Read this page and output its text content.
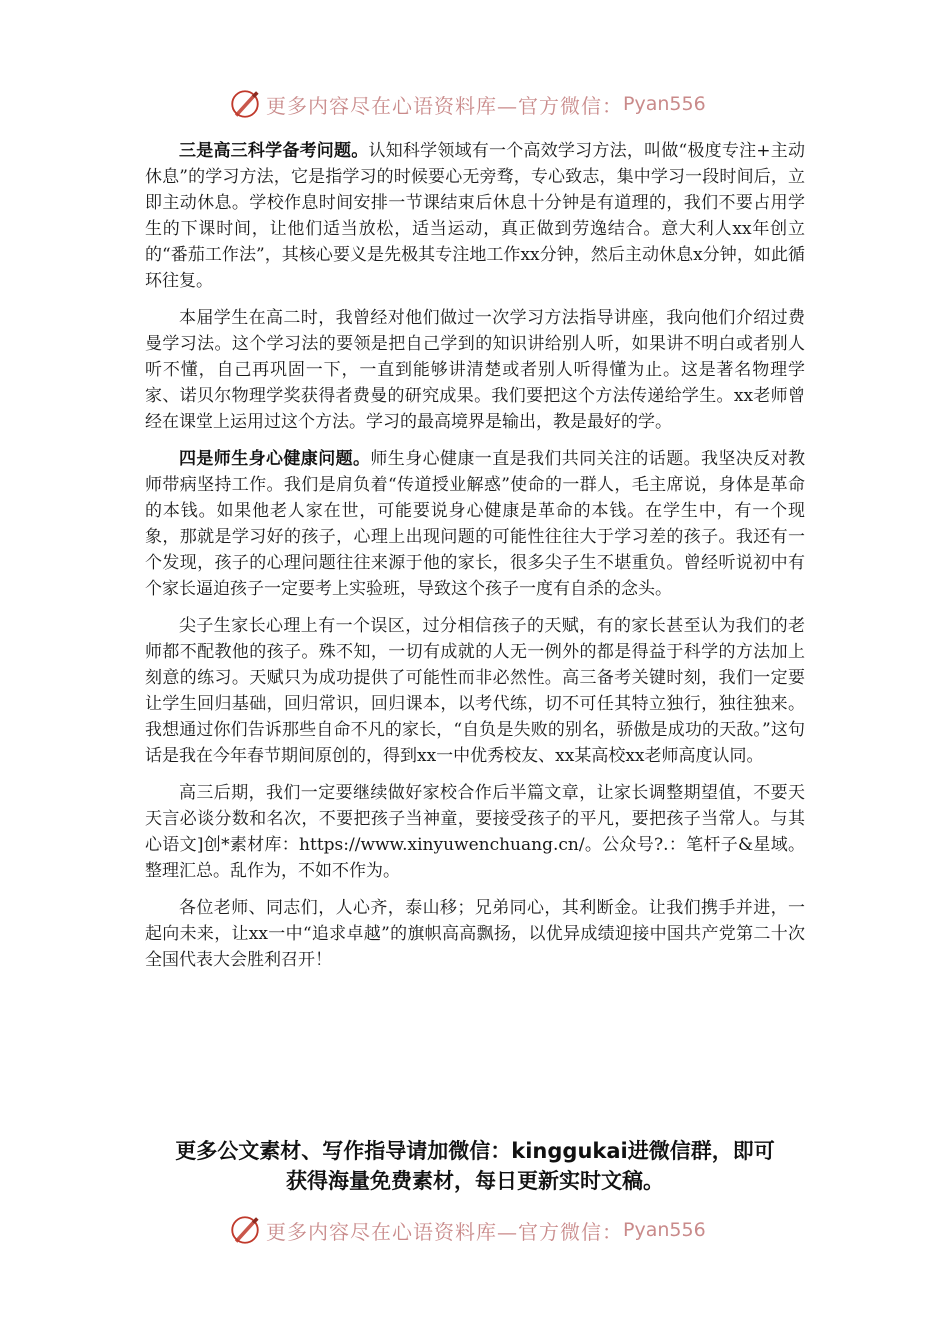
更多内容尽在心语资料库—官方微信： Pyan556

三是高三科学备考问题。认知科学领域有一个高效学习方法，叫做“极度专注+主动休息”的学习方法，它是指学习的时候要心无旁骛，专心致志，集中学习一段时间后，立即主动休息。学校作息时间安排一节课结束后休息十分钟是有道理的，我们不要占用学生的下课时间，让他们适当放松，适当运动，真正做到劳逸结合。意大利人xx年创立的“番茄工作法”，其核心要义是先极其专注地工作xx分钟，然后主动休息x分钟，如此循环往复。

本届学生在高二时，我曾经对他们做过一次学习方法指导讲座，我向他们介绍过费曼学习法。这个学习法的要领是把自己学到的知识讲给别人听，如果讲不明白或者别人听不懂，自己再巩固一下，一直到能够讲清楚或者别人听得懂为止。这是著名物理学家、诺贝尔物理学奖获得者费曼的研究成果。我们要把这个方法传递给学生。xx老师曾经在课堂上运用过这个方法。学习的最高境界是输出，教是最好的学。

四是师生身心健康问题。师生身心健康一直是我们共同关注的话题。我坚决反对教师带病坚持工作。我们是肩负着“传道授业解惑”使命的一群人，毛主席说，身体是革命的本钱。如果他老人家在世，可能要说身心健康是革命的本钱。在学生中，有一个现象，那就是学习好的孩子，心理上出现问题的可能性往往大于学习差的孩子。我还有一个发现，孩子的心理问题往往来源于他的家长，很多尖子生不堪重负。曾经听说初中有个家长逼迫孩子一定要考上实验班，导致这个孩子一度有自杀的念头。

尖子生家长心理上有一个误区，过分相信孩子的天赋，有的家长甚至认为我们的老师都不配教他的孩子。殊不知，一切有成就的人无一例外的都是得益于科学的方法加上刻意的练习。天赋只为成功提供了可能性而非必然性。高三备考关键时刻，我们一定要让学生回归基础，回归常识，回归课本，以考代练，切不可任其特立独行，独往独来。我想通过你们告诉那些自命不凡的家长，“自负是失败的别名，骄傲是成功的天敌。”这句话是我在今年春节期间原创的，得到xx一中优秀校友、xx某高校xx老师高度认同。

高三后期，我们一定要继续做好家校合作后半篇文章，让家长调整期望值，不要天天言必谈分数和名次，不要把孩子当神童，要接受孩子的平凡，要把孩子当常人。与其心语文]创*素材库：https://www.xinyuwenchuang.cn/。公众号?.：笔杆子&星域。整理汇总。乱作为，不如不作为。

各位老师、同志们，人心齐，泰山移；兄弟同心，其利断金。让我们携手并进，一起向未来，让xx一中“追求卓越”的旗帜高高飘扬，以优异成绩迎接中国共产党第二十次全国代表大会胜利召开！

更多公文素材、写作指导请加微信：kinggukai进微信群，即可
获得海量免费素材，每日更新实时文稿。
更多内容尽在心语资料库—官方微信： Pyan556
